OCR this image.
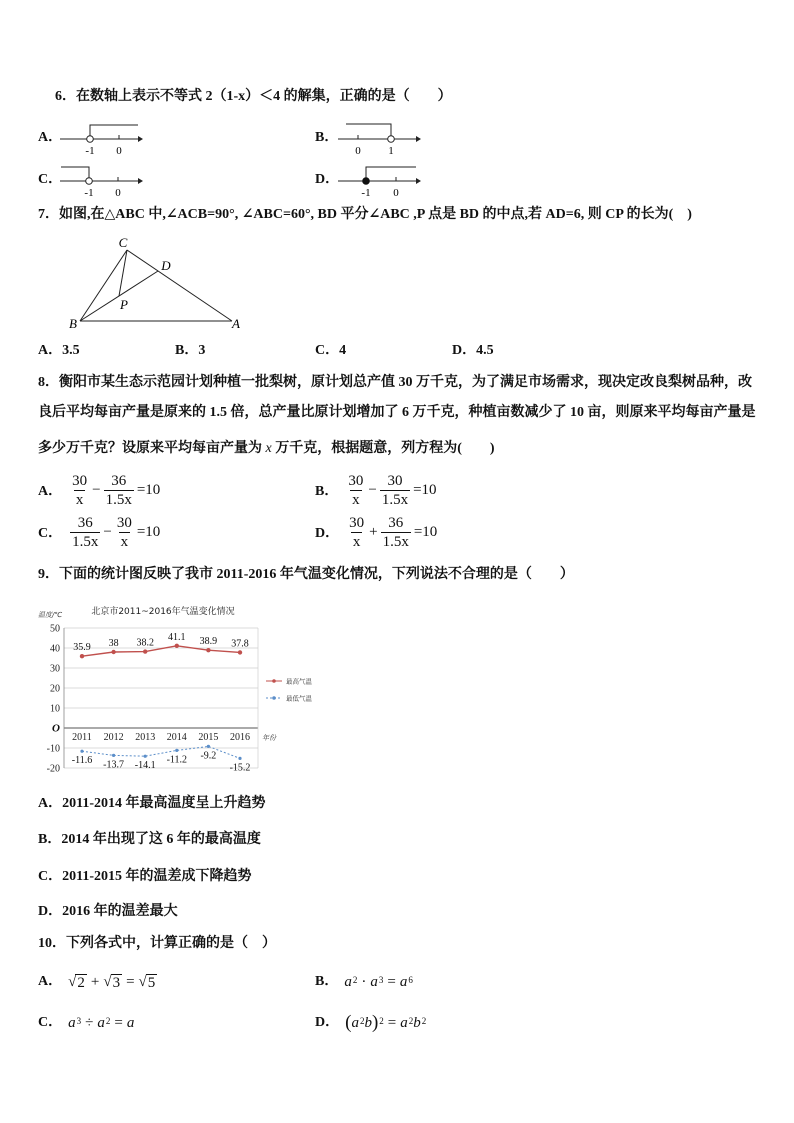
6．在数轴上表示不等式 2（1-x）＜4 的解集，正确的是（　　）
A．
-1 0
B．
0	1
C．
-1 0
D．
-1 0
7．如图,在△ABC 中,∠ACB=90°, ∠ABC=60°, BD 平分∠ABC ,P 点是 BD 的中点,若 AD=6, 则 CP 的长为(　)
C
D
P
B	A
A．3.5	B．3	C．4	D．4.5
8．衡阳市某生态示范园计划种植一批梨树，原计划总产值 30 万千克，为了满足市场需求，现决定改良梨树品种，改
良后平均每亩产量是原来的 1.5 倍，总产量比原计划增加了 6 万千克，种植亩数减少了 10 亩，则原来平均每亩产量是
多少万千克？设原来平均每亩产量为 x 万千克，根据题意，列方程为(　　)
A． $\frac{30}{x} - \frac{36}{1.5x} =10$	B． $\frac{30}{x} - \frac{30}{1.5x} =10$
C． $\frac{36}{1.5x} - \frac{30}{x} =10$	D． $\frac{30}{x} + \frac{36}{1.5x} =10$
9．下面的统计图反映了我市 2011-2016 年气温变化情况，下列说法不合理的是（　　）
50
40
30
20
10
O
-10
-20
北京市2011~2016年气温变化情况
温度/℃
年份
2011 2012 2013 2014 2015 2016
35.9 38 38.2
41.1 38.9 37.8
最高气温
-11.6 -13.7 -14.1
-11.2 -9.2
-15.2
最低气温
A．2011-2014 年最高温度呈上升趋势
B．2014 年出现了这 6 年的最高温度
C．2011-2015 年的温差成下降趋势
D．2016 年的温差最大
10．下列各式中，计算正确的是（　）
A． √ 2 + √ 3 = √ 5	B． $a^2 \cdot a^3 = a^6$
C． $a^3 \div a^2 = a$	D． ( $a^2$ b )$^2 = a^2$ $b^2$
